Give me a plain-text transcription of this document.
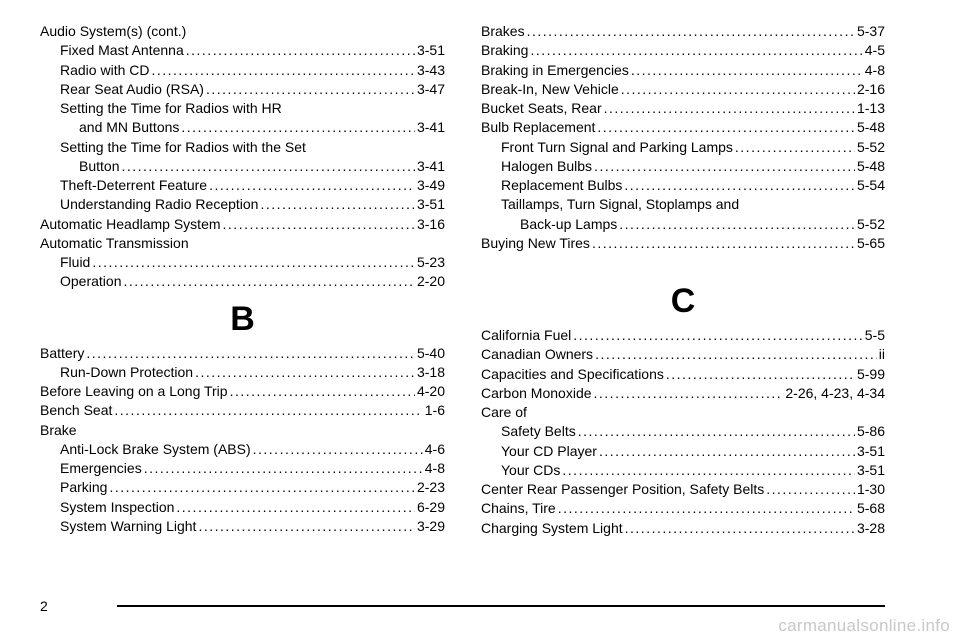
Audio System(s) (cont.)
Fixed Mast Antenna .....	3-51
Radio with CD .....	3-43
Rear Seat Audio (RSA) .....	3-47
Setting the Time for Radios with HR
and MN Buttons .....	3-41
Setting the Time for Radios with the Set
Button .....	3-41
Theft-Deterrent Feature .....	3-49
Understanding Radio Reception .....	3-51
Automatic Headlamp System .....	3-16
Automatic Transmission
Fluid .....	5-23
Operation .....	2-20
B
Battery .....	5-40
Run-Down Protection .....	3-18
Before Leaving on a Long Trip .....	4-20
Bench Seat .....	1-6
Brake
Anti-Lock Brake System (ABS) .....	4-6
Emergencies .....	4-8
Parking .....	2-23
System Inspection .....	6-29
System Warning Light .....	3-29
Brakes .....	5-37
Braking .....	4-5
Braking in Emergencies .....	4-8
Break-In, New Vehicle .....	2-16
Bucket Seats, Rear .....	1-13
Bulb Replacement .....	5-48
Front Turn Signal and Parking Lamps .....	5-52
Halogen Bulbs .....	5-48
Replacement Bulbs .....	5-54
Taillamps, Turn Signal, Stoplamps and
Back-up Lamps .....	5-52
Buying New Tires .....	5-65
C
California Fuel .....	5-5
Canadian Owners .....	ii
Capacities and Specifications .....	5-99
Carbon Monoxide .....	2-26, 4-23, 4-34
Care of
Safety Belts .....	5-86
Your CD Player .....	3-51
Your CDs .....	3-51
Center Rear Passenger Position, Safety Belts .....	1-30
Chains, Tire .....	5-68
Charging System Light .....	3-28
2
carmanualsonline.info
